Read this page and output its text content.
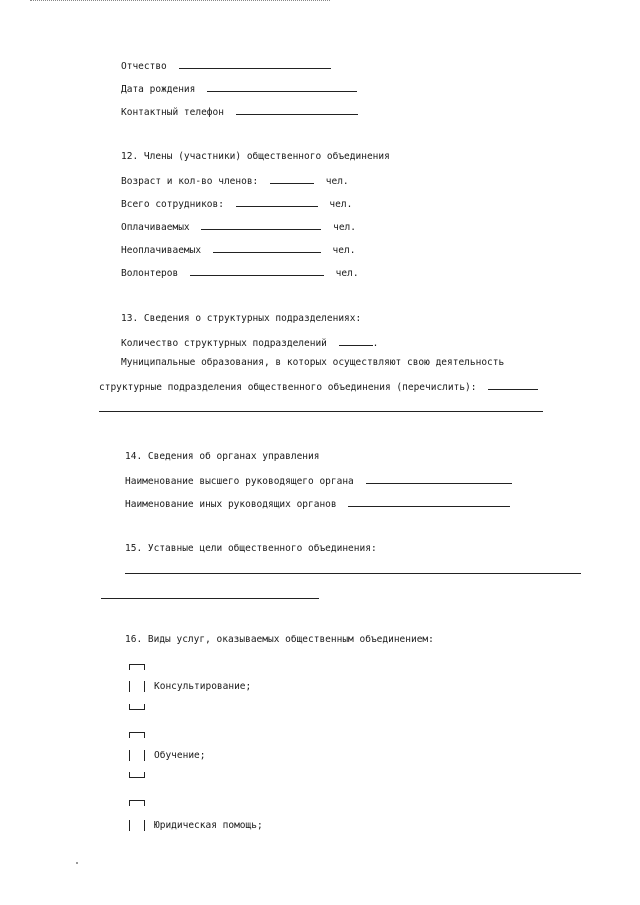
Отчество
Дата рождения
Контактный телефон
12. Члены (участники) общественного объединения
Возраст и кол-во членов:	чел.
Всего сотрудников:	чел.
Оплачиваемых	чел.
Неоплачиваемых	чел.
Волонтеров	чел.
13. Сведения о структурных подразделениях:
Количество структурных подразделений	.
Муниципальные образования, в которых осуществляют свою деятельность
структурные подразделения общественного объединения (перечислить):
14. Сведения об органах управления
Наименование высшего руководящего органа
Наименование иных руководящих органов
15. Уставные цели общественного объединения:
16. Виды услуг, оказываемых общественным объединением:
Консультирование;
Обучение;
Юридическая помощь;
